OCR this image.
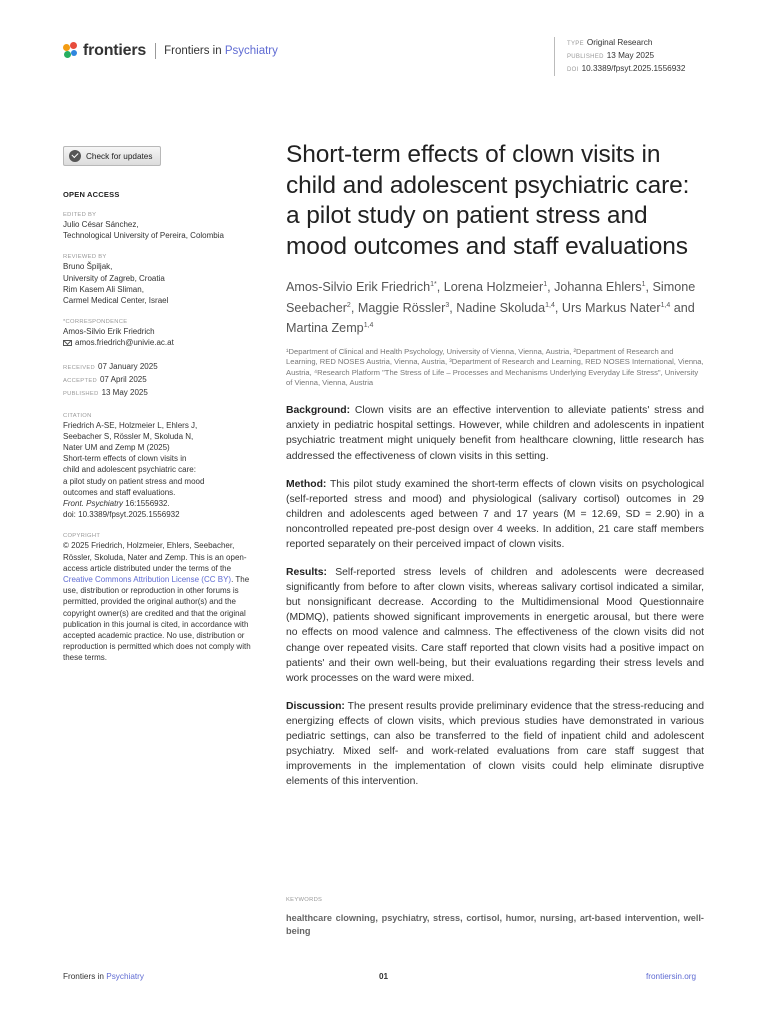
frontiers Frontiers in Psychiatry
TYPE Original Research
PUBLISHED 13 May 2025
DOI 10.3389/fpsyt.2025.1556932
Check for updates
OPEN ACCESS
EDITED BY
Julio César Sánchez,
Technological University of Pereira, Colombia
REVIEWED BY
Bruno Špiljak,
University of Zagreb, Croatia
Rim Kasem Ali Sliman,
Carmel Medical Center, Israel
*CORRESPONDENCE
Amos-Silvio Erik Friedrich
amos.friedrich@univie.ac.at
RECEIVED 07 January 2025
ACCEPTED 07 April 2025
PUBLISHED 13 May 2025
CITATION
Friedrich A-SE, Holzmeier L, Ehlers J,
Seebacher S, Rössler M, Skoluda N,
Nater UM and Zemp M (2025)
Short-term effects of clown visits in
child and adolescent psychiatric care:
a pilot study on patient stress and mood
outcomes and staff evaluations.
Front. Psychiatry 16:1556932.
doi: 10.3389/fpsyt.2025.1556932
COPYRIGHT
© 2025 Friedrich, Holzmeier, Ehlers, Seebacher, Rössler, Skoluda, Nater and Zemp. This is an open-access article distributed under the terms of the Creative Commons Attribution License (CC BY). The use, distribution or reproduction in other forums is permitted, provided the original author(s) and the copyright owner(s) are credited and that the original publication in this journal is cited, in accordance with accepted academic practice. No use, distribution or reproduction is permitted which does not comply with these terms.
Short-term effects of clown visits in child and adolescent psychiatric care: a pilot study on patient stress and mood outcomes and staff evaluations
Amos-Silvio Erik Friedrich$^{1*}$, Lorena Holzmeier$^1$, Johanna Ehlers$^1$, Simone Seebacher$^2$, Maggie Rössler$^3$, Nadine Skoluda$^{1,4}$, Urs Markus Nater$^{1,4}$ and Martina Zemp$^{1,4}$
¹Department of Clinical and Health Psychology, University of Vienna, Vienna, Austria, ²Department of Research and Learning, RED NOSES Austria, Vienna, Austria, ³Department of Research and Learning, RED NOSES International, Vienna, Austria, ⁴Research Platform "The Stress of Life – Processes and Mechanisms Underlying Everyday Life Stress", University of Vienna, Vienna, Austria

Background: Clown visits are an effective intervention to alleviate patients' stress and anxiety in pediatric hospital settings. However, while children and adolescents in inpatient psychiatric treatment might uniquely benefit from healthcare clowning, little research has addressed the effectiveness of clown visits in this setting.

Method: This pilot study examined the short-term effects of clown visits on psychological (self-reported stress and mood) and physiological (salivary cortisol) outcomes in 29 children and adolescents aged between 7 and 17 years (M = 12.69, SD = 2.90) in a noncontrolled repeated pre-post design over 4 weeks. In addition, 21 care staff members reported separately on their perceived impact of clown visits.

Results: Self-reported stress levels of children and adolescents were decreased significantly from before to after clown visits, whereas salivary cortisol indicated a similar, but nonsignificant decrease. According to the Multidimensional Mood Questionnaire (MDMQ), patients showed significant improvements in energetic arousal, but there were no effects on mood valence and calmness. The effectiveness of the clown visits did not change over repeated visits. Care staff reported that clown visits had a positive impact on patients' and their own well-being, but their evaluations regarding their stress levels and work processes on the ward were mixed.

Discussion: The present results provide preliminary evidence that the stress-reducing and energizing effects of clown visits, which previous studies have demonstrated in various pediatric settings, can also be transferred to the field of inpatient child and adolescent psychiatry. Mixed self- and work-related evaluations from care staff suggest that improvements in the implementation of clown visits could help eliminate disruptive elements of this intervention.

KEYWORDS
healthcare clowning, psychiatry, stress, cortisol, humor, nursing, art-based intervention, well-being
Frontiers in Psychiatry	01	frontiersin.org
